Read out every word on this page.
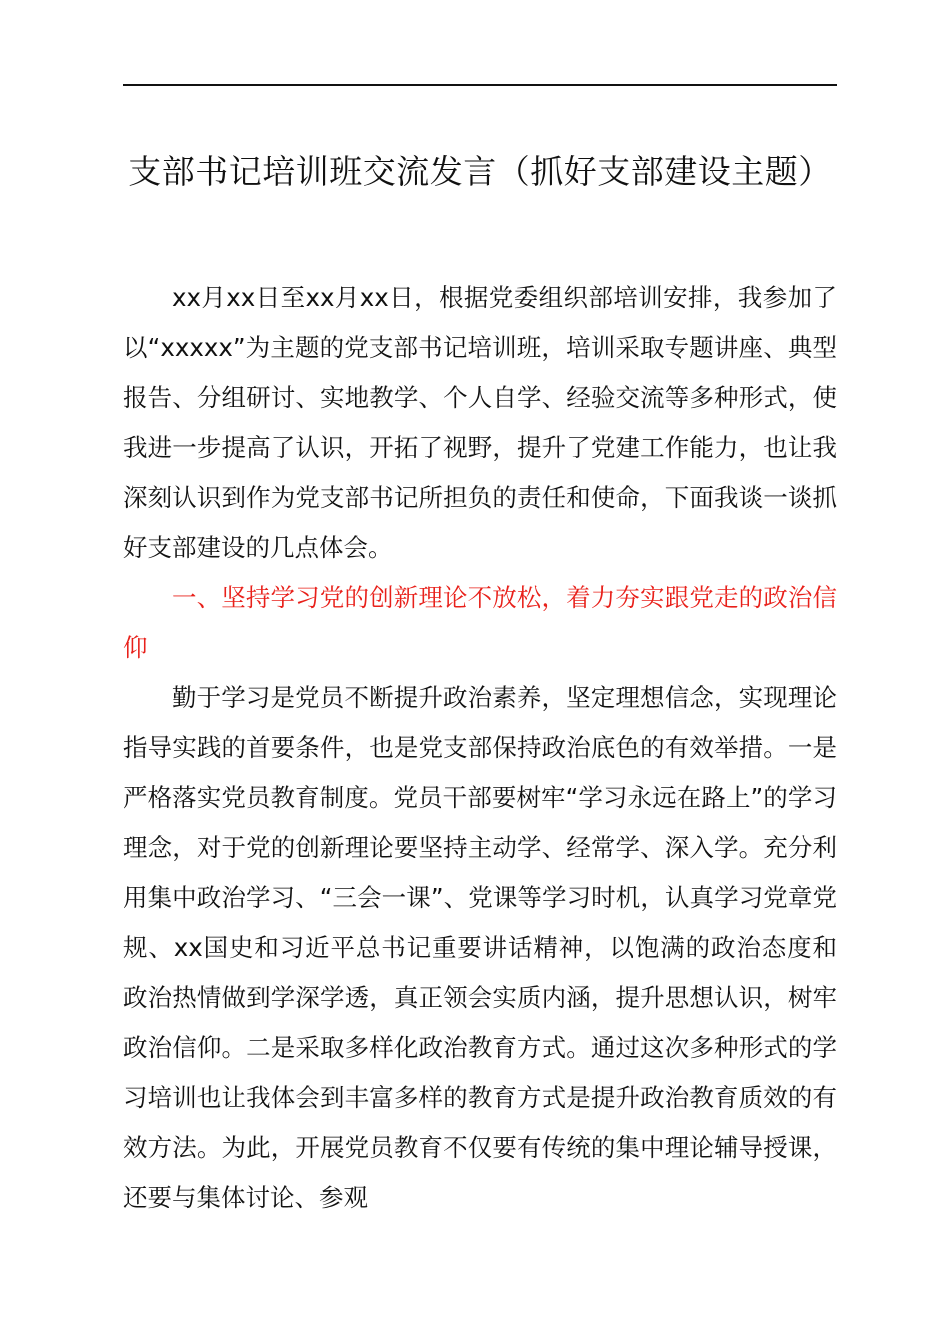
支部书记培训班交流发言（抓好支部建设主题）

xx月xx日至xx月xx日，根据党委组织部培训安排，我参加了以“xxxxx”为主题的党支部书记培训班，培训采取专题讲座、典型报告、分组研讨、实地教学、个人自学、经验交流等多种形式，使我进一步提高了认识，开拓了视野，提升了党建工作能力，也让我深刻认识到作为党支部书记所担负的责任和使命，下面我谈一谈抓好支部建设的几点体会。

一、坚持学习党的创新理论不放松，着力夯实跟党走的政治信仰

勤于学习是党员不断提升政治素养，坚定理想信念，实现理论指导实践的首要条件，也是党支部保持政治底色的有效举措。一是严格落实党员教育制度。党员干部要树牢“学习永远在路上”的学习理念，对于党的创新理论要坚持主动学、经常学、深入学。充分利用集中政治学习、“三会一课”、党课等学习时机，认真学习党章党规、xx国史和习近平总书记重要讲话精神，以饱满的政治态度和政治热情做到学深学透，真正领会实质内涵，提升思想认识，树牢政治信仰。二是采取多样化政治教育方式。通过这次多种形式的学习培训也让我体会到丰富多样的教育方式是提升政治教育质效的有效方法。为此，开展党员教育不仅要有传统的集中理论辅导授课，还要与集体讨论、参观
